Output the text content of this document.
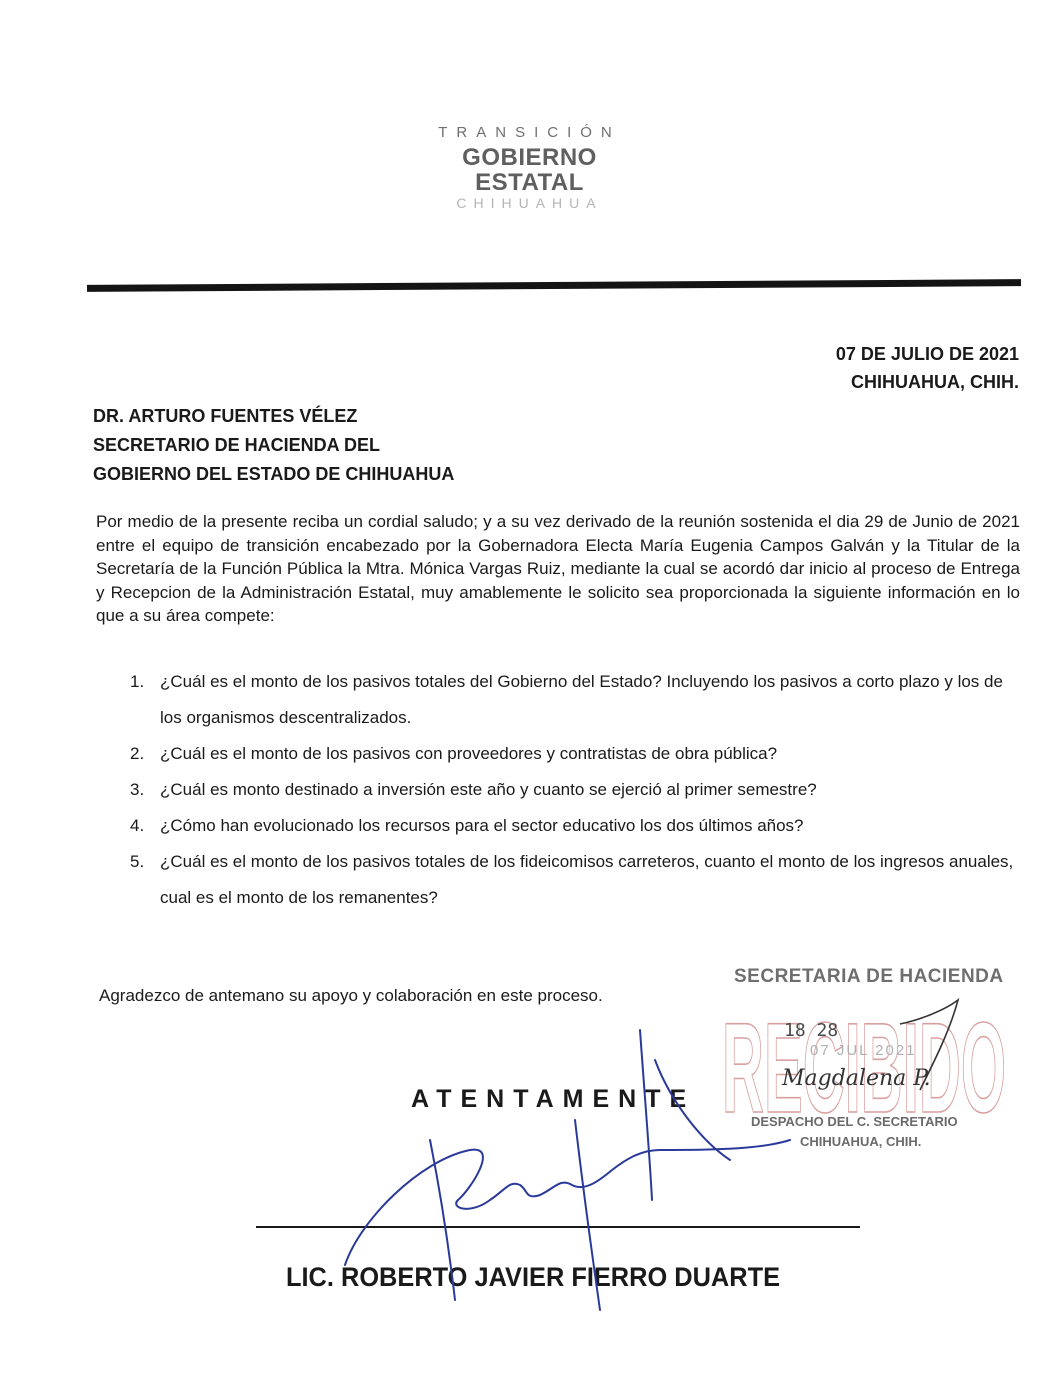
TRANSICIÓN
GOBIERNO
ESTATAL
CHIHUAHUA
07 DE JULIO DE 2021
CHIHUAHUA, CHIH.
DR. ARTURO FUENTES VÉLEZ
SECRETARIO DE HACIENDA DEL
GOBIERNO DEL ESTADO DE CHIHUAHUA
Por medio de la presente reciba un cordial saludo; y a su vez derivado de la reunión sostenida el dia 29 de Junio de 2021 entre el equipo de transición encabezado por la Gobernadora Electa María Eugenia Campos Galván y la Titular de la Secretaría de la Función Pública la Mtra. Mónica Vargas Ruiz, mediante la cual se acordó dar inicio al proceso de Entrega y Recepcion de la Administración Estatal, muy amablemente le solicito sea proporcionada la siguiente información en lo que a su área compete:
1. ¿Cuál es el monto de los pasivos totales del Gobierno del Estado? Incluyendo los pasivos a corto plazo y los de los organismos descentralizados.
2. ¿Cuál es el monto de los pasivos con proveedores y contratistas de obra pública?
3. ¿Cuál es monto destinado a inversión este año y cuanto se ejerció al primer semestre?
4. ¿Cómo han evolucionado los recursos para el sector educativo los dos últimos años?
5. ¿Cuál es el monto de los pasivos totales de los fideicomisos carreteros, cuanto el monto de los ingresos anuales, cual es el monto de los remanentes?
Agradezco de antemano su apoyo y colaboración en este proceso.
RECIBIDO
SECRETARIA DE HACIENDA
18 28
07 JUL 2021
Magdalena P.
DESPACHO DEL C. SECRETARIO
CHIHUAHUA, CHIH.
ATENTAMENTE
LIC. ROBERTO JAVIER FIERRO DUARTE
